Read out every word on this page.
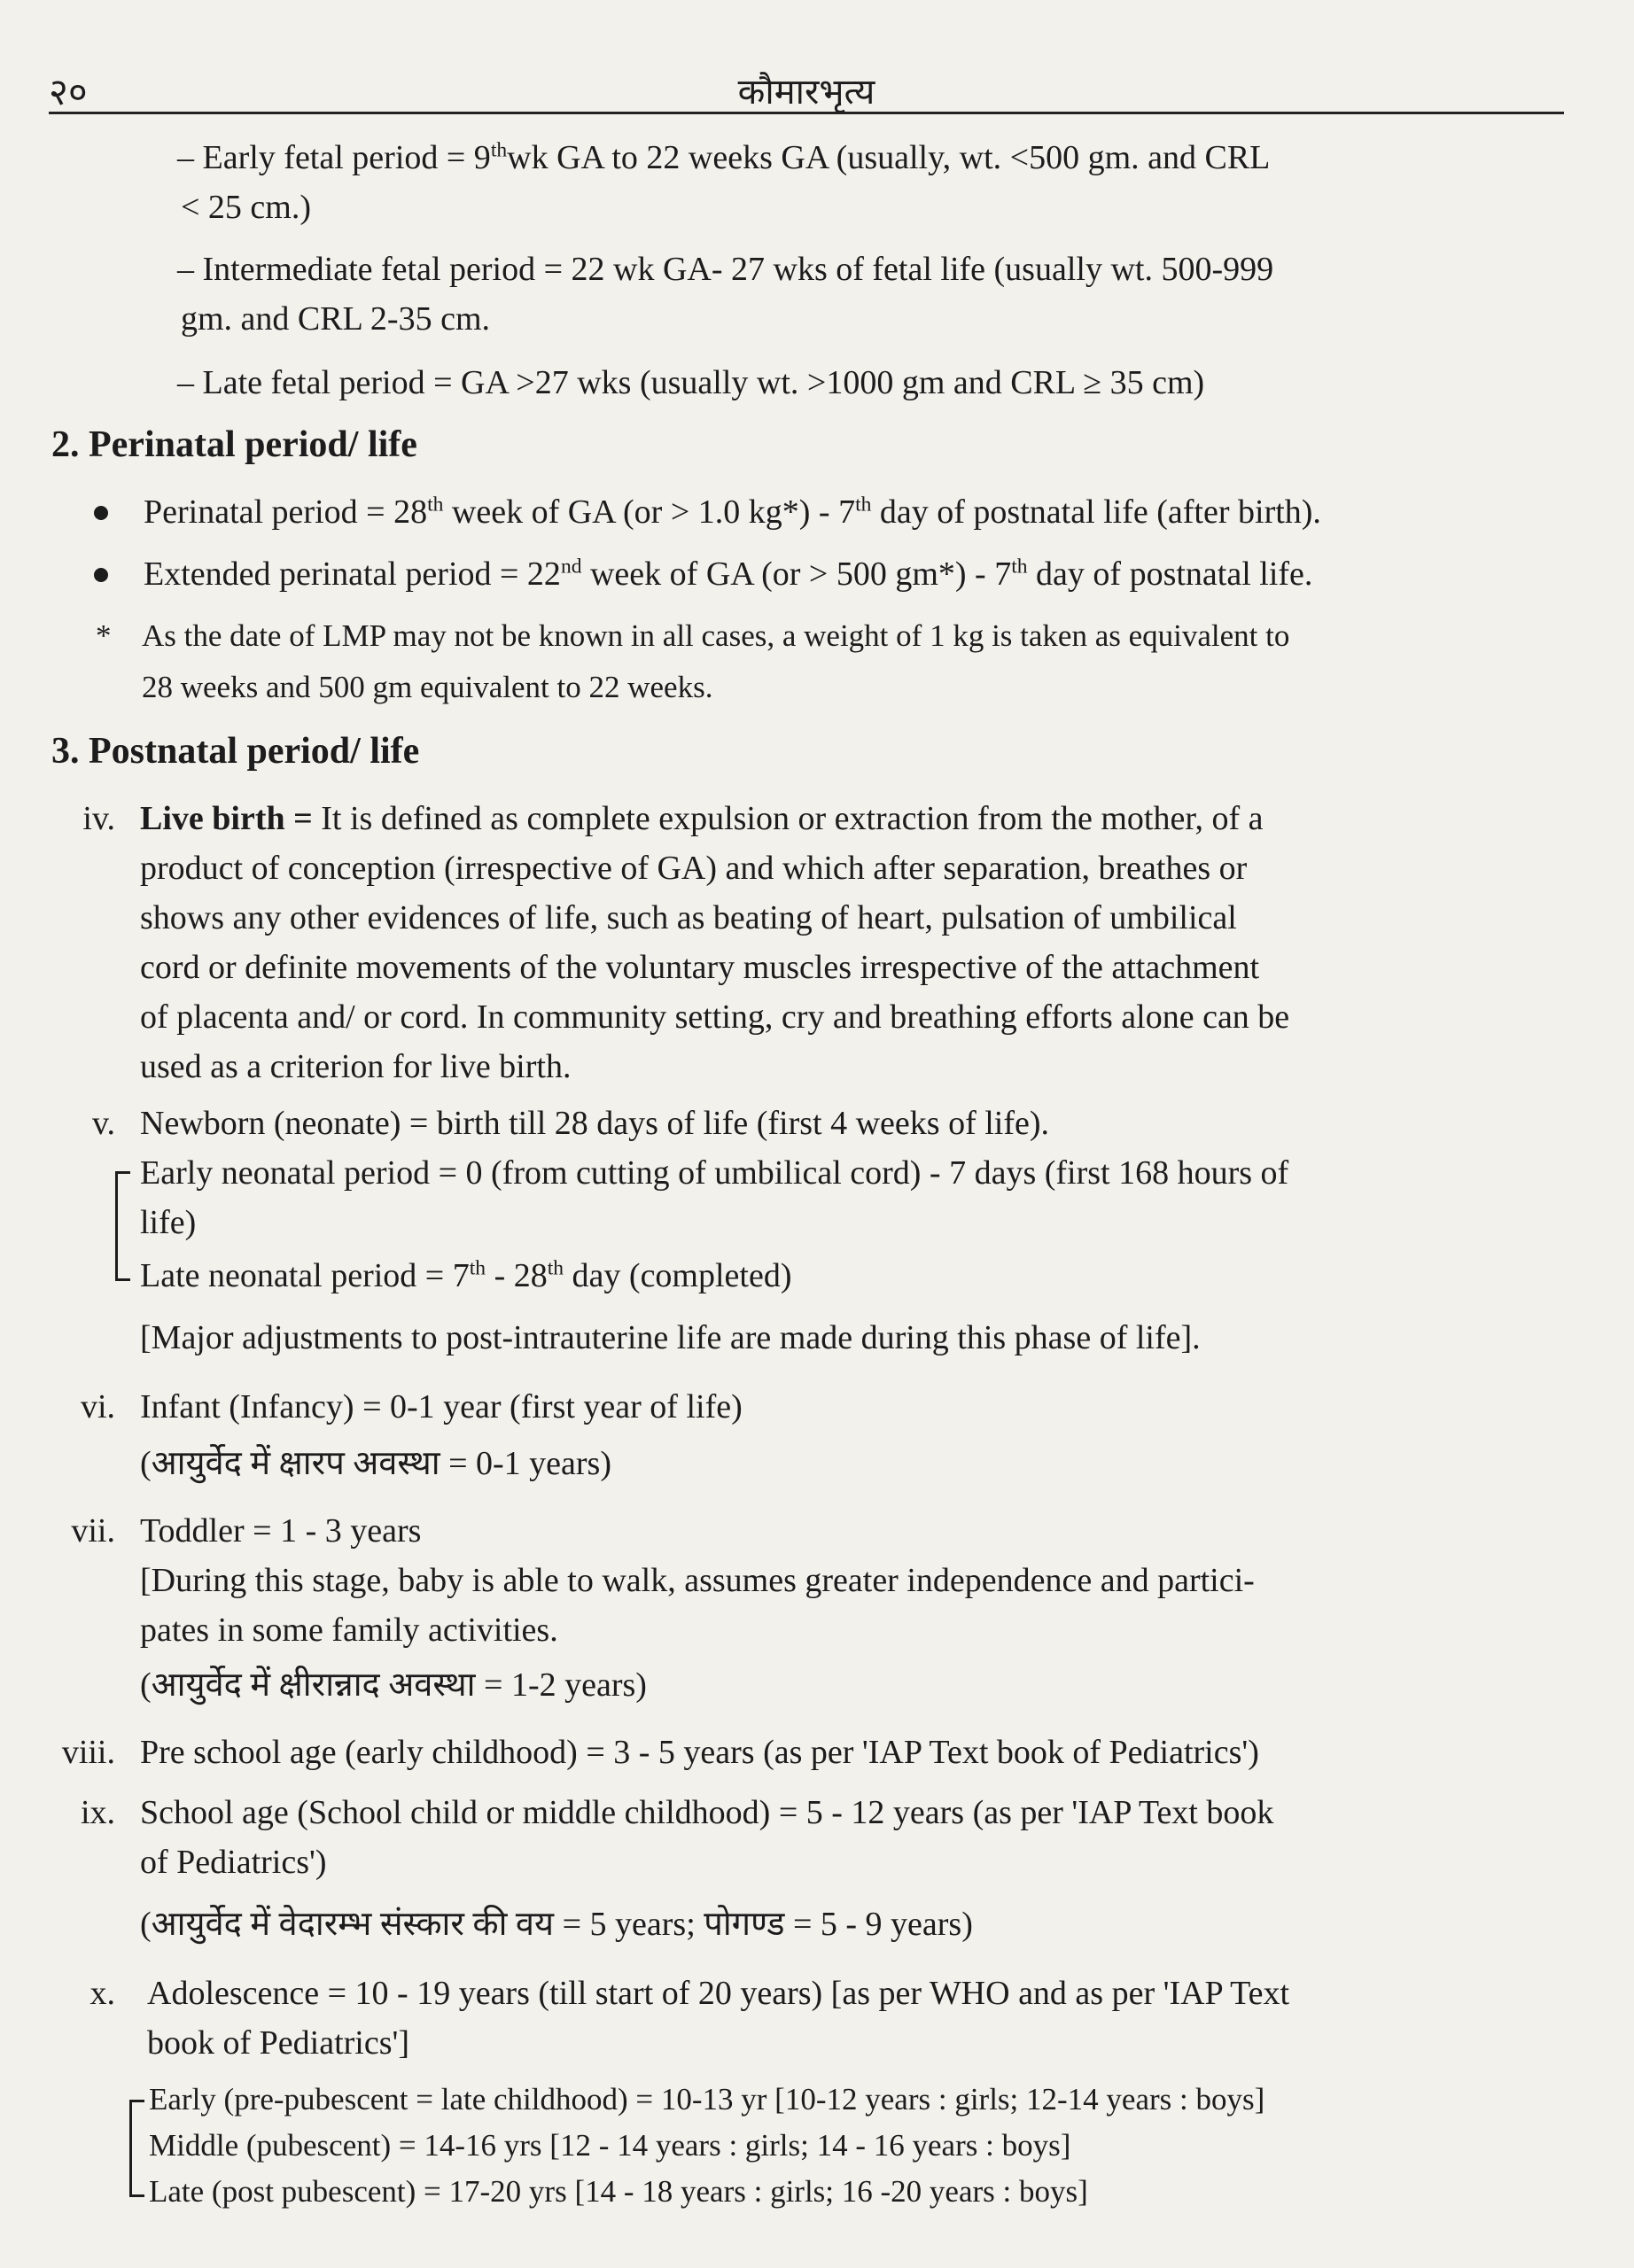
कौमारभृत्य
२०
– Early fetal period = 9thwk GA to 22 weeks GA (usually, wt. <500 gm. and CRL
< 25 cm.)
– Intermediate fetal period = 22 wk GA- 27 wks of fetal life (usually wt. 500-999
gm. and CRL 2-35 cm.
– Late fetal period = GA >27 wks (usually wt. >1000 gm and CRL ≥ 35 cm)
2. Perinatal period/ life
Perinatal period = 28th week of GA (or > 1.0 kg*) - 7th day of postnatal life (after birth).
Extended perinatal period = 22nd week of GA (or > 500 gm*) - 7th day of postnatal life.
* As the date of LMP may not be known in all cases, a weight of 1 kg is taken as equivalent to
28 weeks and 500 gm equivalent to 22 weeks.
3. Postnatal period/ life
iv. Live birth = It is defined as complete expulsion or extraction from the mother, of a
product of conception (irrespective of GA) and which after separation, breathes or
shows any other evidences of life, such as beating of heart, pulsation of umbilical
cord or definite movements of the voluntary muscles irrespective of the attachment
of placenta and/ or cord. In community setting, cry and breathing efforts alone can be
used as a criterion for live birth.
v. Newborn (neonate) = birth till 28 days of life (first 4 weeks of life).
Early neonatal period = 0 (from cutting of umbilical cord) - 7 days (first 168 hours of
life)
Late neonatal period = 7th - 28th day (completed)
[Major adjustments to post-intrauterine life are made during this phase of life].
vi. Infant (Infancy) = 0-1 year (first year of life)
(आयुर्वेद में क्षारप अवस्था = 0-1 years)
vii. Toddler = 1 - 3 years
[During this stage, baby is able to walk, assumes greater independence and partici-
pates in some family activities.
(आयुर्वेद में क्षीरान्नाद अवस्था = 1-2 years)
viii. Pre school age (early childhood) = 3 - 5 years (as per 'IAP Text book of Pediatrics')
ix. School age (School child or middle childhood) = 5 - 12 years (as per 'IAP Text book
of Pediatrics')
(आयुर्वेद में वेदारम्भ संस्कार की वय = 5 years; पोगण्ड = 5 - 9 years)
x. Adolescence = 10 - 19 years (till start of 20 years) [as per WHO and as per 'IAP Text
book of Pediatrics']
Early (pre-pubescent = late childhood) = 10-13 yr [10-12 years : girls; 12-14 years : boys]
Middle (pubescent) = 14-16 yrs [12 - 14 years : girls; 14 - 16 years : boys]
Late (post pubescent) = 17-20 yrs [14 - 18 years : girls; 16 -20 years : boys]
